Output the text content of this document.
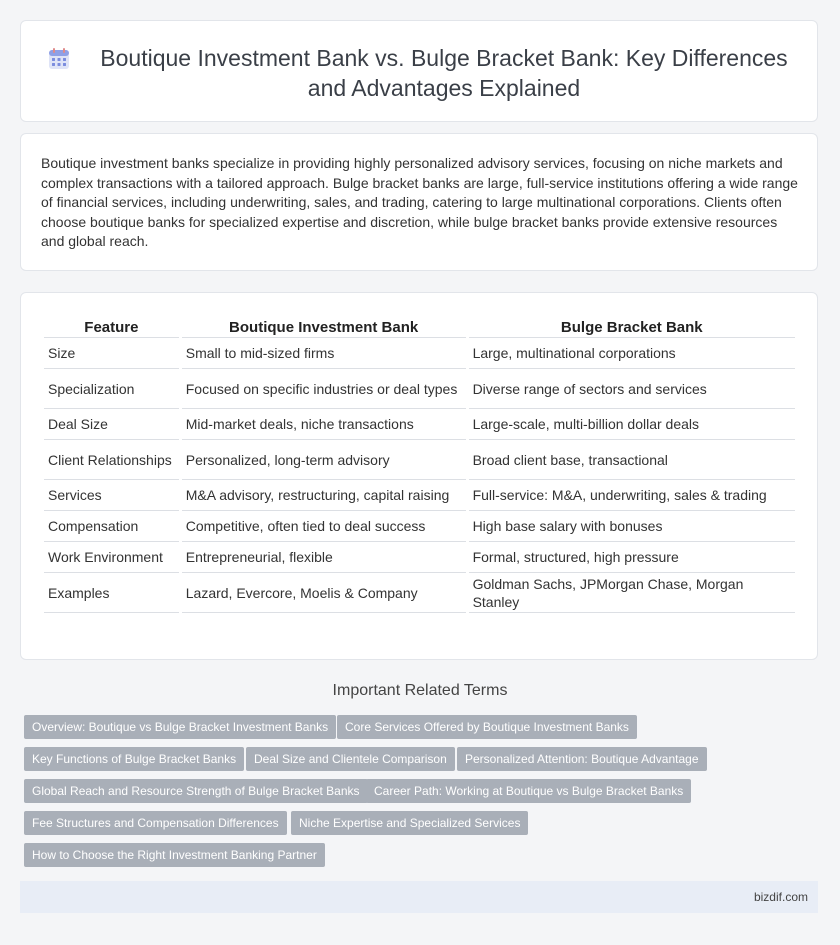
Boutique Investment Bank vs. Bulge Bracket Bank: Key Differences and Advantages Explained

Boutique investment banks specialize in providing highly personalized advisory services, focusing on niche markets and complex transactions with a tailored approach. Bulge bracket banks are large, full-service institutions offering a wide range of financial services, including underwriting, sales, and trading, catering to large multinational corporations. Clients often choose boutique banks for specialized expertise and discretion, while bulge bracket banks provide extensive resources and global reach.

Feature	Boutique Investment Bank	Bulge Bracket Bank
Size	Small to mid-sized firms	Large, multinational corporations
Specialization	Focused on specific industries or deal types	Diverse range of sectors and services
Deal Size	Mid-market deals, niche transactions	Large-scale, multi-billion dollar deals
Client Relationships	Personalized, long-term advisory	Broad client base, transactional
Services	M&A advisory, restructuring, capital raising	Full-service: M&A, underwriting, sales & trading
Compensation	Competitive, often tied to deal success	High base salary with bonuses
Work Environment	Entrepreneurial, flexible	Formal, structured, high pressure
Examples	Lazard, Evercore, Moelis & Company	Goldman Sachs, JPMorgan Chase, Morgan Stanley
Important Related Terms
Overview: Boutique vs Bulge Bracket Investment Banks	Core Services Offered by Boutique Investment Banks
Key Functions of Bulge Bracket Banks	Deal Size and Clientele Comparison	Personalized Attention: Boutique Advantage
Global Reach and Resource Strength of Bulge Bracket Banks	Career Path: Working at Boutique vs Bulge Bracket Banks
Fee Structures and Compensation Differences	Niche Expertise and Specialized Services
How to Choose the Right Investment Banking Partner
bizdif.com
